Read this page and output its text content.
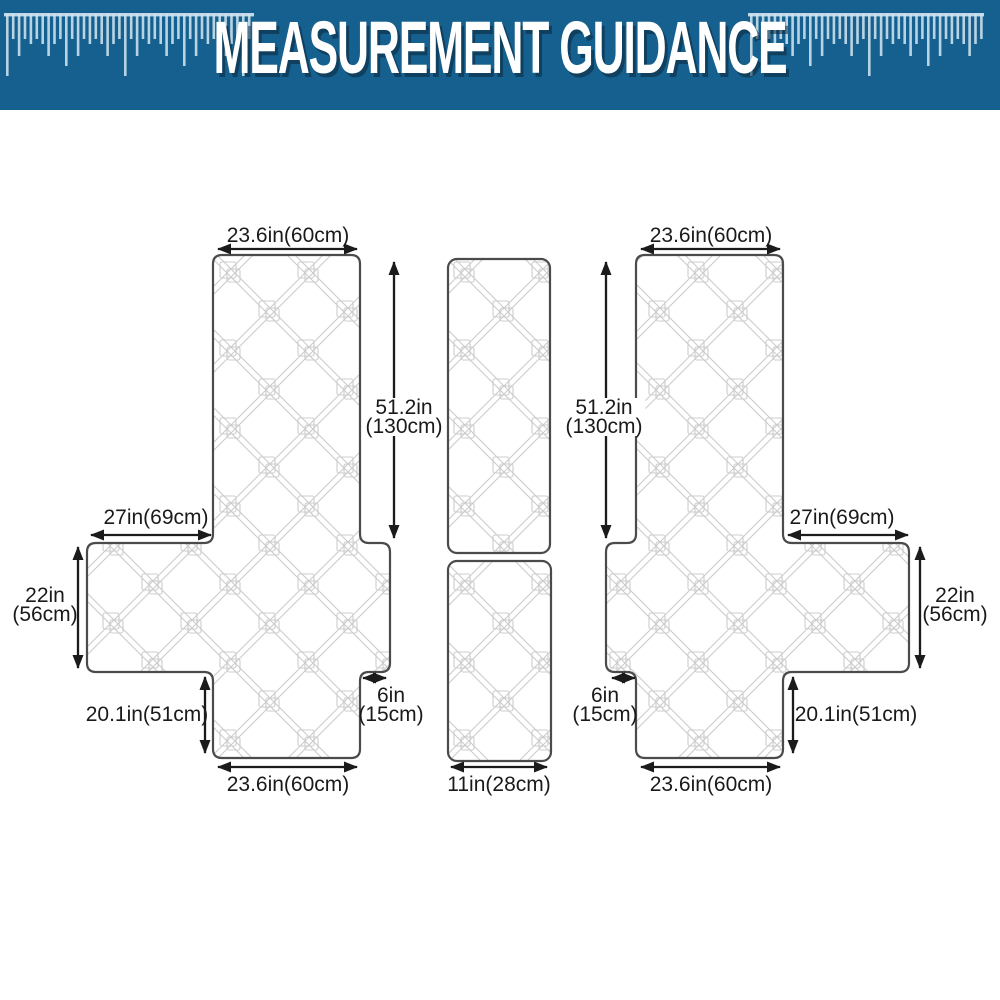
MEASUREMENT GUIDANCE
23.6in(60cm)
51.2in
(130cm)
27in(69cm)
22in
(56cm)
20.1in(51cm)
6in
(15cm)
23.6in(60cm)	11in(28cm)
23.6in(60cm)
51.2in
(130cm)
27in(69cm)
22in
(56cm)
20.1in(51cm)
6in
(15cm)
23.6in(60cm)
